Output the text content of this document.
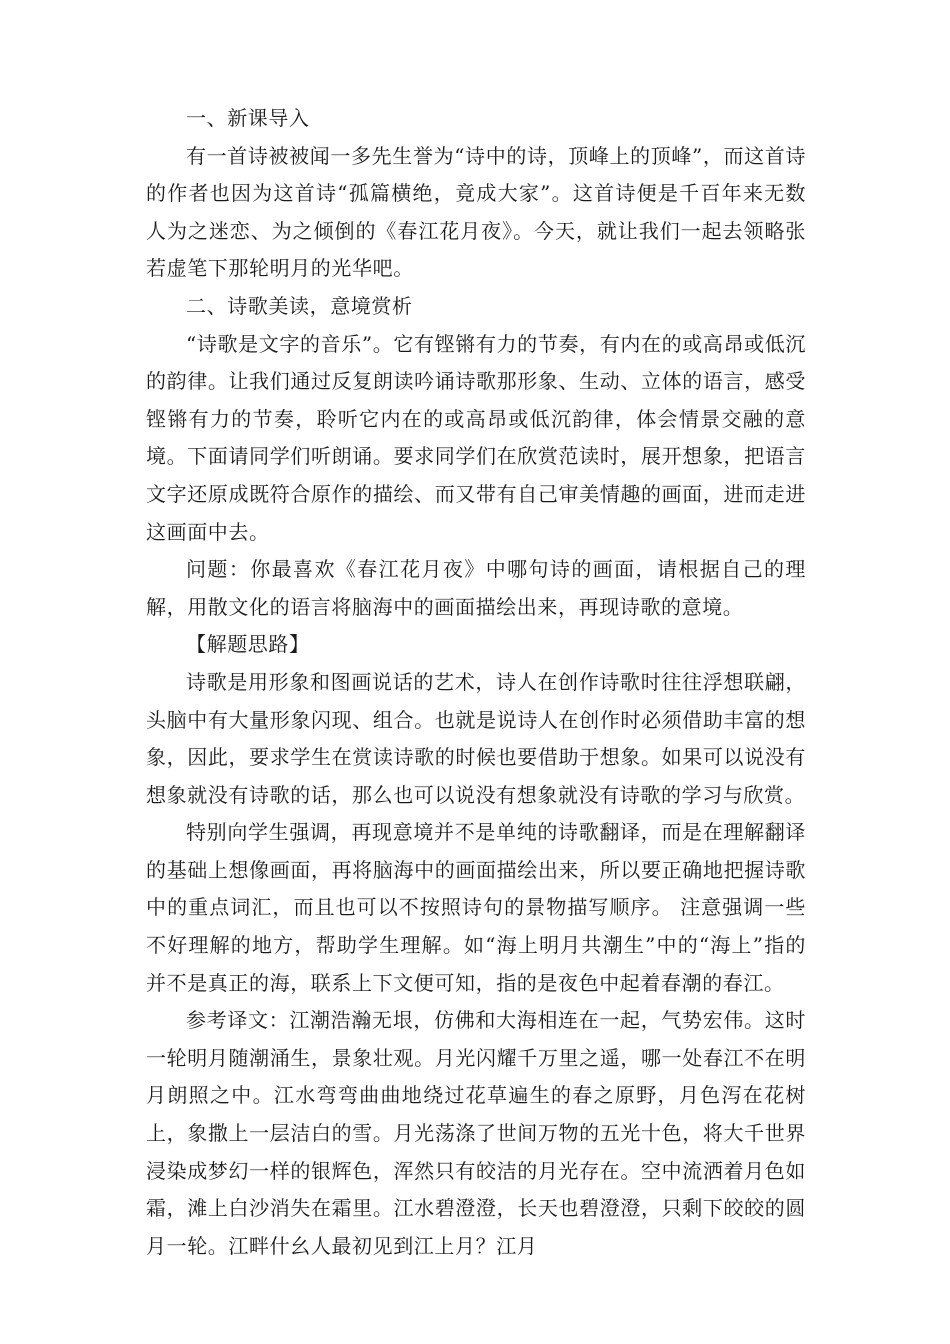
一、新课导入

有一首诗被被闻一多先生誉为“诗中的诗，顶峰上的顶峰”，而这首诗的作者也因为这首诗“孤篇横绝，竟成大家”。这首诗便是千百年来无数人为之迷恋、为之倾倒的《春江花月夜》。今天，就让我们一起去领略张若虚笔下那轮明月的光华吧。

二、诗歌美读，意境赏析

“诗歌是文字的音乐”。它有铿锵有力的节奏，有内在的或高昂或低沉的韵律。让我们通过反复朗读吟诵诗歌那形象、生动、立体的语言，感受铿锵有力的节奏，聆听它内在的或高昂或低沉韵律，体会情景交融的意境。下面请同学们听朗诵。要求同学们在欣赏范读时，展开想象，把语言文字还原成既符合原作的描绘、而又带有自己审美情趣的画面，进而走进这画面中去。

问题：你最喜欢《春江花月夜》中哪句诗的画面，请根据自己的理解，用散文化的语言将脑海中的画面描绘出来，再现诗歌的意境。

【解题思路】

诗歌是用形象和图画说话的艺术，诗人在创作诗歌时往往浮想联翩，头脑中有大量形象闪现、组合。也就是说诗人在创作时必须借助丰富的想象，因此，要求学生在赏读诗歌的时候也要借助于想象。如果可以说没有想象就没有诗歌的话，那么也可以说没有想象就没有诗歌的学习与欣赏。

特别向学生强调，再现意境并不是单纯的诗歌翻译，而是在理解翻译的基础上想像画面，再将脑海中的画面描绘出来，所以要正确地把握诗歌中的重点词汇，而且也可以不按照诗句的景物描写顺序。 注意强调一些不好理解的地方，帮助学生理解。如“海上明月共潮生”中的“海上”指的并不是真正的海，联系上下文便可知，指的是夜色中起着春潮的春江。

参考译文：江潮浩瀚无垠，仿佛和大海相连在一起，气势宏伟。这时一轮明月随潮涌生，景象壮观。月光闪耀千万里之遥，哪一处春江不在明月朗照之中。江水弯弯曲曲地绕过花草遍生的春之原野，月色泻在花树上，象撒上一层洁白的雪。月光荡涤了世间万物的五光十色，将大千世界浸染成梦幻一样的银辉色，浑然只有皎洁的月光存在。空中流洒着月色如霜，滩上白沙消失在霜里。江水碧澄澄，长天也碧澄澄，只剩下皎皎的圆月一轮。江畔什幺人最初见到江上月？江月
